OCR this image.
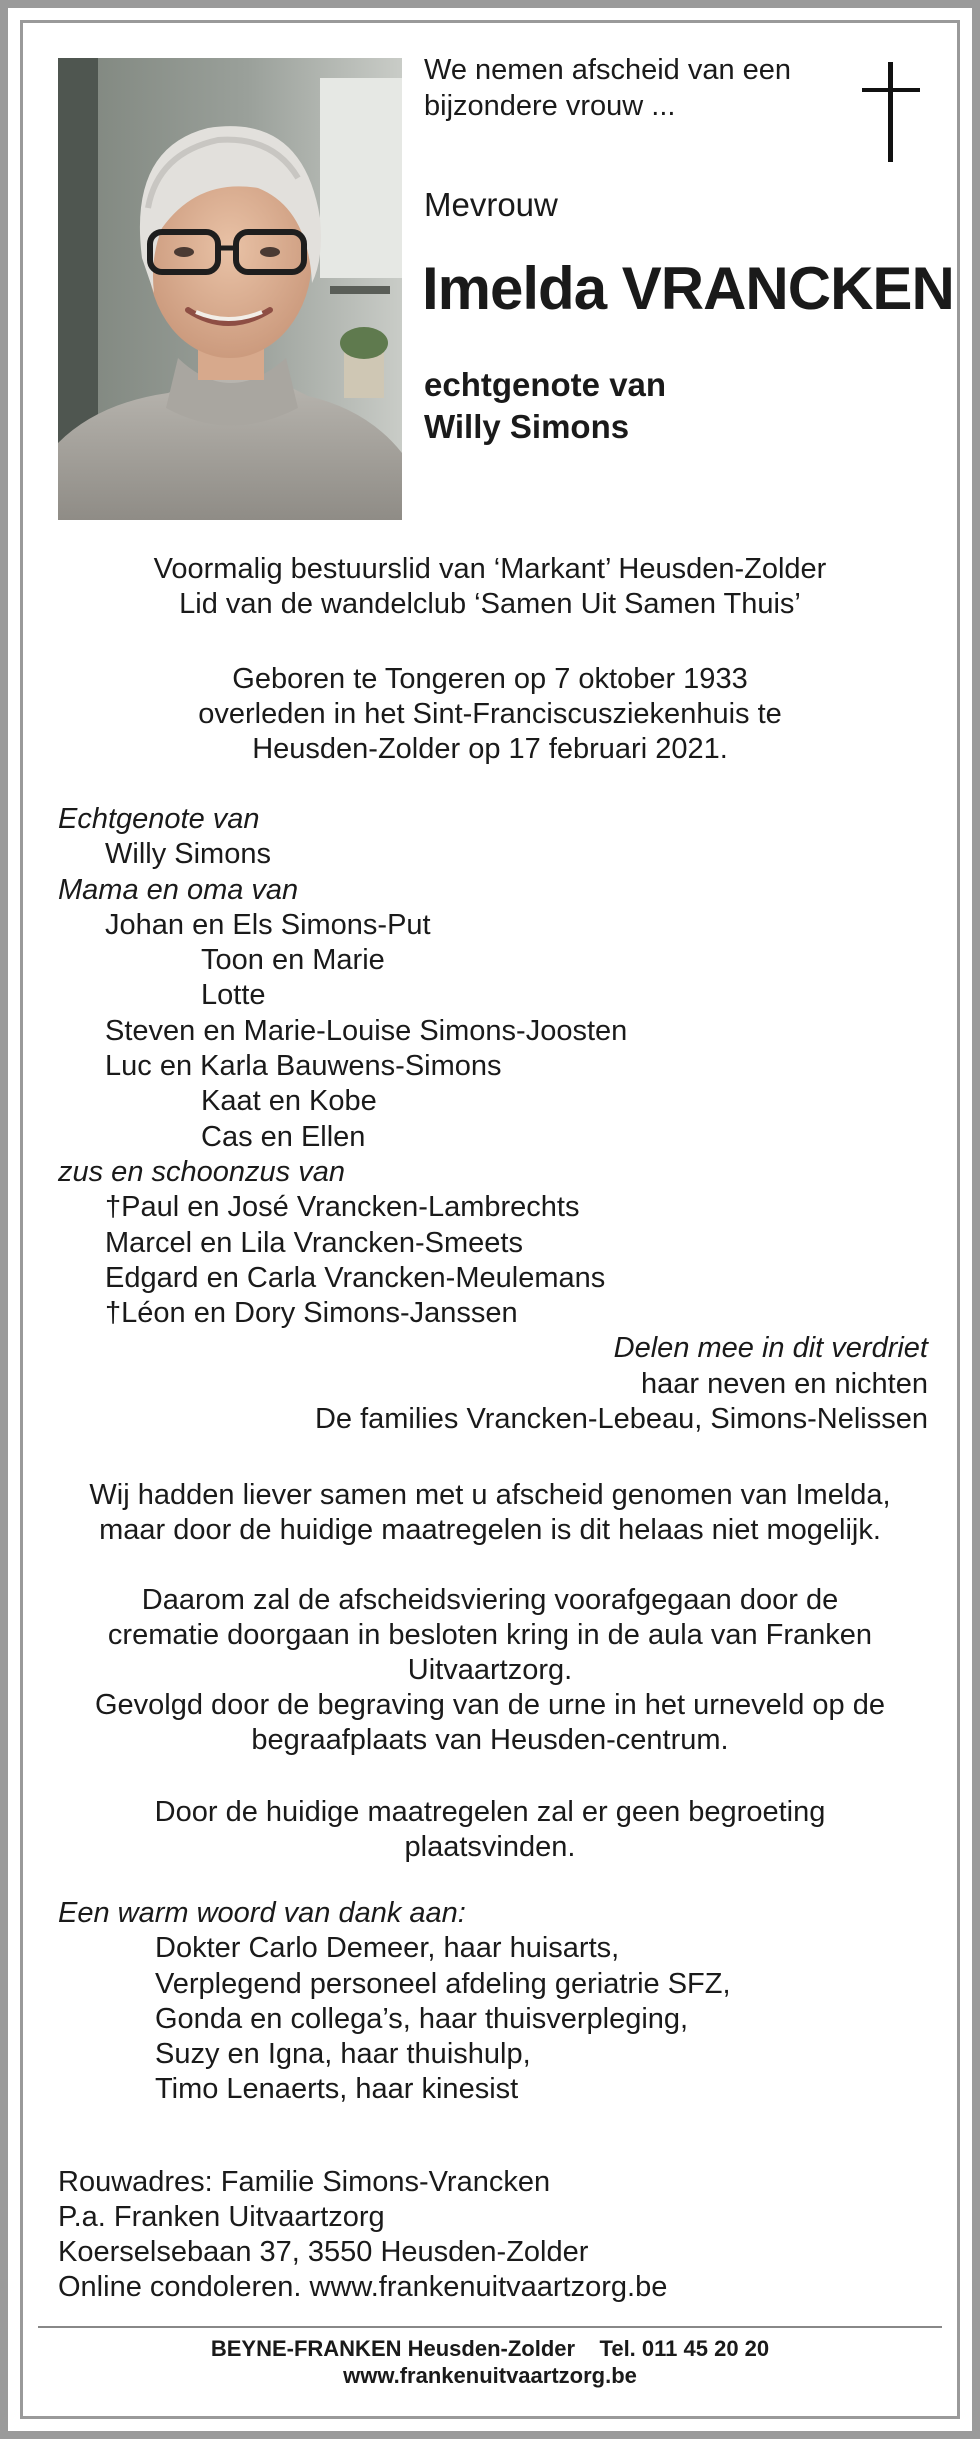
We nemen afscheid van een
bijzondere vrouw ...
Mevrouw
Imelda VRANCKEN
echtgenote van
Willy Simons
Voormalig bestuurslid van ‘Markant’ Heusden-Zolder
Lid van de wandelclub ‘Samen Uit Samen Thuis’
Geboren te Tongeren op 7 oktober 1933
overleden in het Sint-Franciscusziekenhuis te
Heusden-Zolder op 17 februari 2021.
Echtgenote van
Willy Simons
Mama en oma van
Johan en Els Simons-Put
Toon en Marie
Lotte
Steven en Marie-Louise Simons-Joosten
Luc en Karla Bauwens-Simons
Kaat en Kobe
Cas en Ellen
zus en schoonzus van
†Paul en José Vrancken-Lambrechts
Marcel en Lila Vrancken-Smeets
Edgard en Carla Vrancken-Meulemans
†Léon en Dory Simons-Janssen
Delen mee in dit verdriet
haar neven en nichten
De families Vrancken-Lebeau, Simons-Nelissen
Wij hadden liever samen met u afscheid genomen van Imelda,
maar door de huidige maatregelen is dit helaas niet mogelijk.
Daarom zal de afscheidsviering voorafgegaan door de
crematie doorgaan in besloten kring in de aula van Franken
Uitvaartzorg.
Gevolgd door de begraving van de urne in het urneveld op de
begraafplaats van Heusden-centrum.
Door de huidige maatregelen zal er geen begroeting
plaatsvinden.
Een warm woord van dank aan:
Dokter Carlo Demeer, haar huisarts,
Verplegend personeel afdeling geriatrie SFZ,
Gonda en collega’s, haar thuisverpleging,
Suzy en Igna, haar thuishulp,
Timo Lenaerts, haar kinesist
Rouwadres: Familie Simons-Vrancken
P.a. Franken Uitvaartzorg
Koerselsebaan 37, 3550 Heusden-Zolder
Online condoleren. www.frankenuitvaartzorg.be
BEYNE-FRANKEN Heusden-Zolder    Tel. 011 45 20 20
www.frankenuitvaartzorg.be
